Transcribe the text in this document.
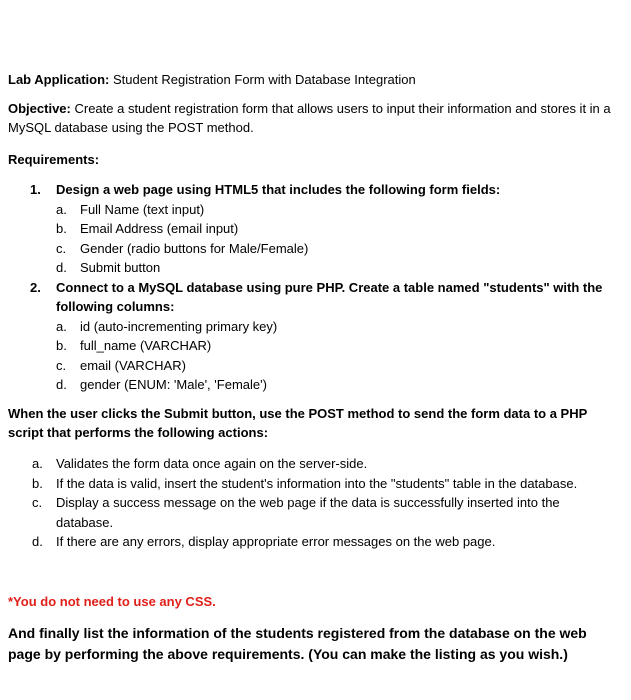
Lab Application: Student Registration Form with Database Integration

Objective: Create a student registration form that allows users to input their information and stores it in a MySQL database using the POST method.

Requirements:

1. Design a web page using HTML5 that includes the following form fields:
a. Full Name (text input)
b. Email Address (email input)
c. Gender (radio buttons for Male/Female)
d. Submit button
2. Connect to a MySQL database using pure PHP. Create a table named "students" with the following columns:
a. id (auto-incrementing primary key)
b. full_name (VARCHAR)
c. email (VARCHAR)
d. gender (ENUM: 'Male', 'Female')

When the user clicks the Submit button, use the POST method to send the form data to a PHP script that performs the following actions:

a. Validates the form data once again on the server-side.
b. If the data is valid, insert the student's information into the "students" table in the database.
c. Display a success message on the web page if the data is successfully inserted into the database.
d. If there are any errors, display appropriate error messages on the web page.

*You do not need to use any CSS.

And finally list the information of the students registered from the database on the web page by performing the above requirements. (You can make the listing as you wish.)
